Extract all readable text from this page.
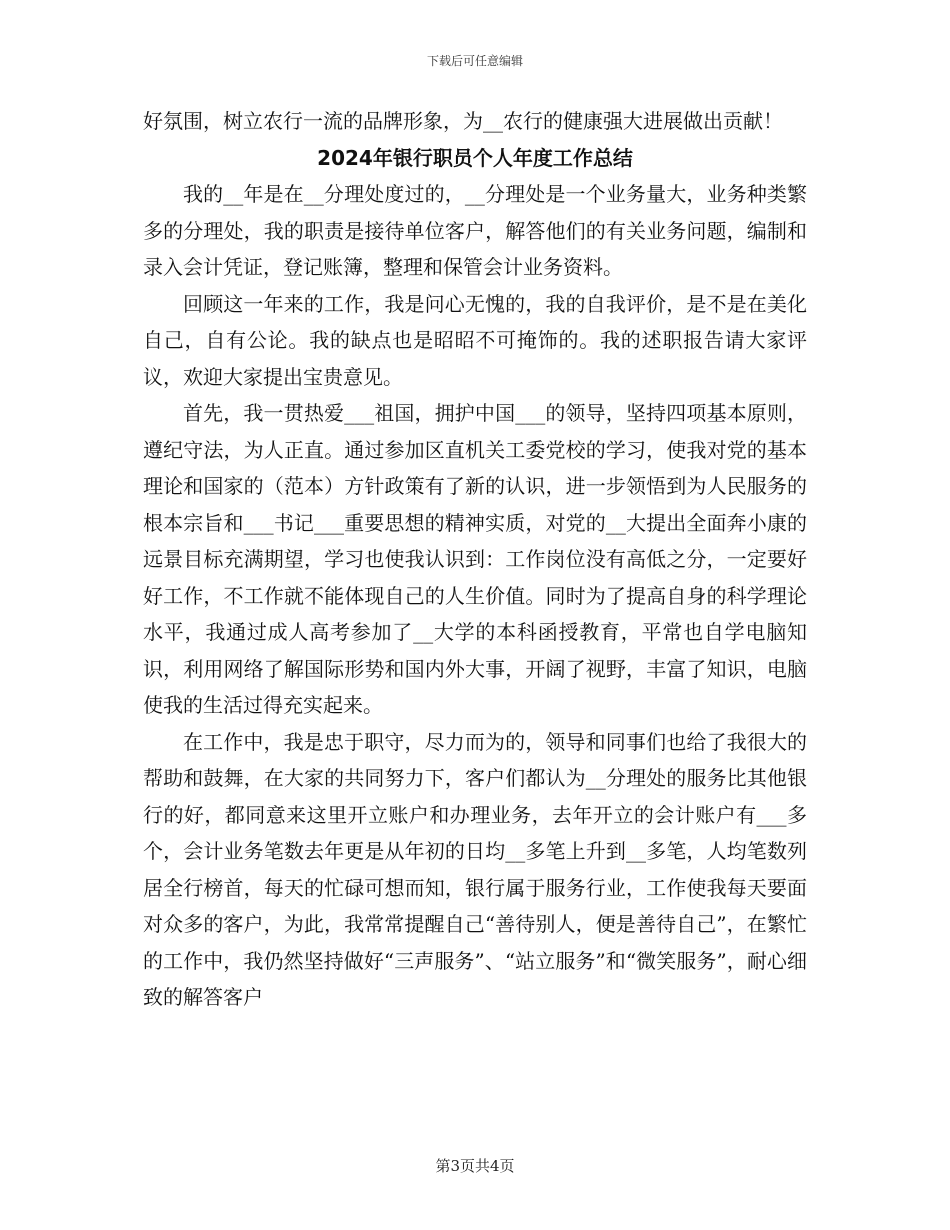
下载后可任意编辑

好氛围，树立农行一流的品牌形象，为__农行的健康强大进展做出贡献！

2024年银行职员个人年度工作总结

我的__年是在__分理处度过的，__分理处是一个业务量大，业务种类繁多的分理处，我的职责是接待单位客户，解答他们的有关业务问题，编制和录入会计凭证，登记账簿，整理和保管会计业务资料。

回顾这一年来的工作，我是问心无愧的，我的自我评价，是不是在美化自己，自有公论。我的缺点也是昭昭不可掩饰的。我的述职报告请大家评议，欢迎大家提出宝贵意见。

首先，我一贯热爱___祖国，拥护中国___的领导，坚持四项基本原则，遵纪守法，为人正直。通过参加区直机关工委党校的学习，使我对党的基本理论和国家的（范本）方针政策有了新的认识，进一步领悟到为人民服务的根本宗旨和___书记___重要思想的精神实质，对党的__大提出全面奔小康的远景目标充满期望，学习也使我认识到：工作岗位没有高低之分，一定要好好工作，不工作就不能体现自己的人生价值。同时为了提高自身的科学理论水平，我通过成人高考参加了__大学的本科函授教育，平常也自学电脑知识，利用网络了解国际形势和国内外大事，开阔了视野，丰富了知识，电脑使我的生活过得充实起来。

在工作中，我是忠于职守，尽力而为的，领导和同事们也给了我很大的帮助和鼓舞，在大家的共同努力下，客户们都认为__分理处的服务比其他银行的好，都同意来这里开立账户和办理业务，去年开立的会计账户有___多个，会计业务笔数去年更是从年初的日均__多笔上升到__多笔，人均笔数列居全行榜首，每天的忙碌可想而知，银行属于服务行业，工作使我每天要面对众多的客户，为此，我常常提醒自己“善待别人，便是善待自己”，在繁忙的工作中，我仍然坚持做好“三声服务”、“站立服务”和“微笑服务”，耐心细致的解答客户

第3页共4页
